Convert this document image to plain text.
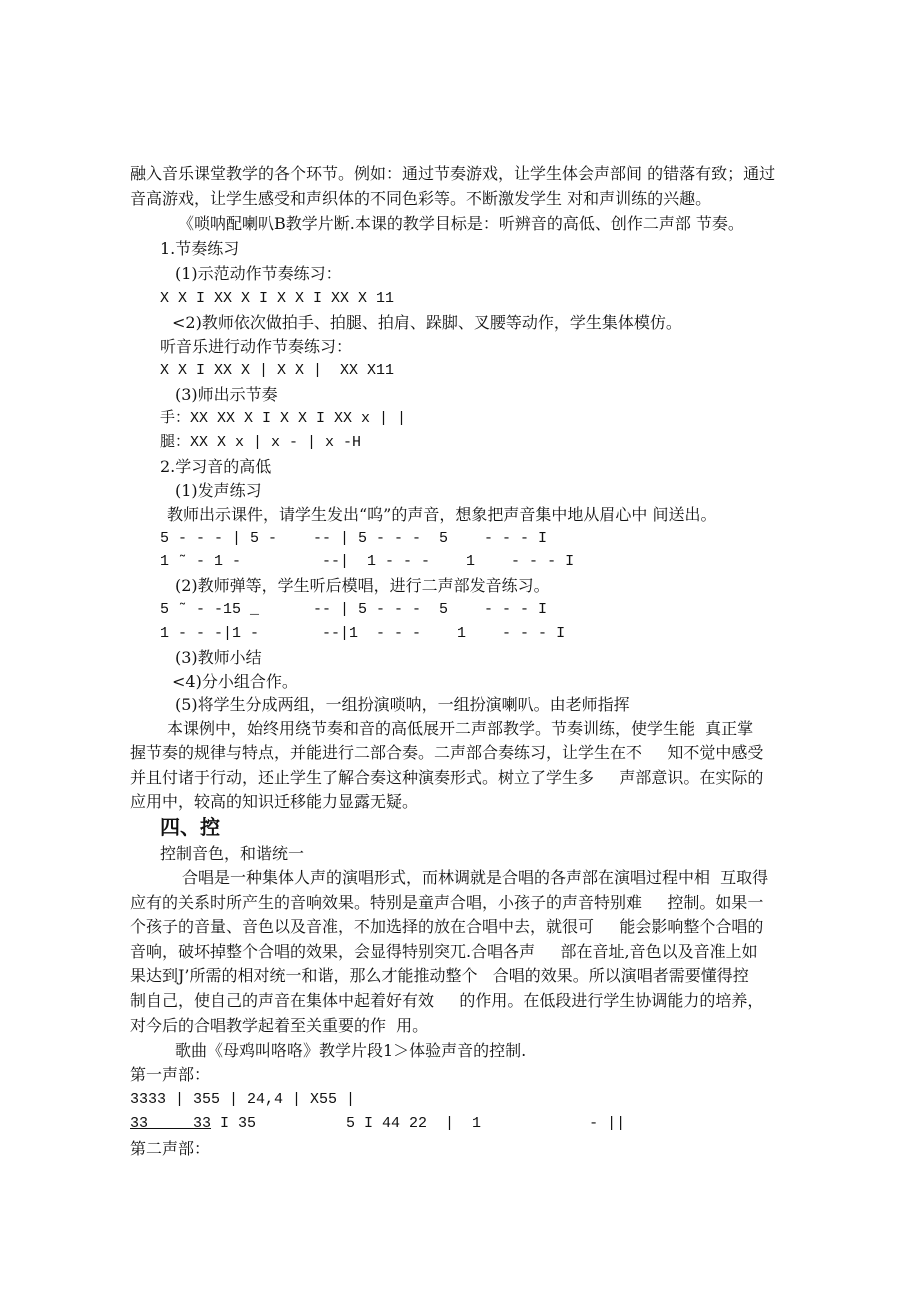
融入音乐课堂教学的各个环节。例如：通过节奏游戏，让学生体会声部间 的错落有致；通过
音高游戏，让学生感受和声织体的不同色彩等。不断激发学生 对和声训练的兴趣。
《唢呐配喇叭B教学片断.本课的教学目标是：听辨音的高低、创作二声部 节奏。
1.节奏练习
(1)示范动作节奏练习：
X X I XX X I X X I XX X 11
<2)教师依次做拍手、拍腿、拍肩、跺脚、叉腰等动作，学生集体模仿。
听音乐进行动作节奏练习：
X X I XX X | X X |  XX X11
(3)师出示节奏
手：XX XX X I X X I XX x | |
腿：XX X x | x - | x -H
2.学习音的高低
(1)发声练习
教师出示课件，请学生发出“呜”的声音，想象把声音集中地从眉心中 间送出。
5 - - - | 5 -    -- | 5 - - -  5    - - - I
1 ˜ - 1 -         --|  1 - - -    1    - - - I
(2)教师弹等，学生听后模唱，进行二声部发音练习。
5 ˜ - -15 _      -- | 5 - - -  5    - - - I
1 - - -|1 -       --|1  - - -    1    - - - I
(3)教师小结
<4)分小组合作。
(5)将学生分成两组，一组扮演唢呐，一组扮演喇叭。由老师指挥
本课例中，始终用绕节奏和音的高低展开二声部教学。节奏训练，使学生能  真正掌
握节奏的规律与特点，并能进行二部合奏。二声部合奏练习，让学生在不     知不觉中感受
并且付诸于行动，还止学生了解合奏这种演奏形式。树立了学生多     声部意识。在实际的
应用中，较高的知识迁移能力显露无疑。
四、控
控制音色，和谐统一
合唱是一种集体人声的演唱形式，而林调就是合唱的各声部在演唱过程中相  互取得
应有的关系时所产生的音响效果。特别是童声合唱，小孩子的声音特别难     控制。如果一
个孩子的音量、音色以及音准，不加选择的放在合唱中去，就很可     能会影响整个合唱的
音响，破坏掉整个合唱的效果，会显得特别突兀.合唱各声     部在音址,音色以及音准上如
果达到J’所需的相对统一和谐，那么才能推动整个   合唱的效果。所以演唱者需要懂得控
制自己，使自己的声音在集体中起着好有效     的作用。在低段进行学生协调能力的培养，
对今后的合唱教学起着至关重要的作  用。
歌曲《母鸡叫咯咯》教学片段1＞体验声音的控制.
第一声部：
3333 | 355 | 24,4 | X55 |
33     33 I 35          5 I 44 22  |  1            - ||
第二声部：
